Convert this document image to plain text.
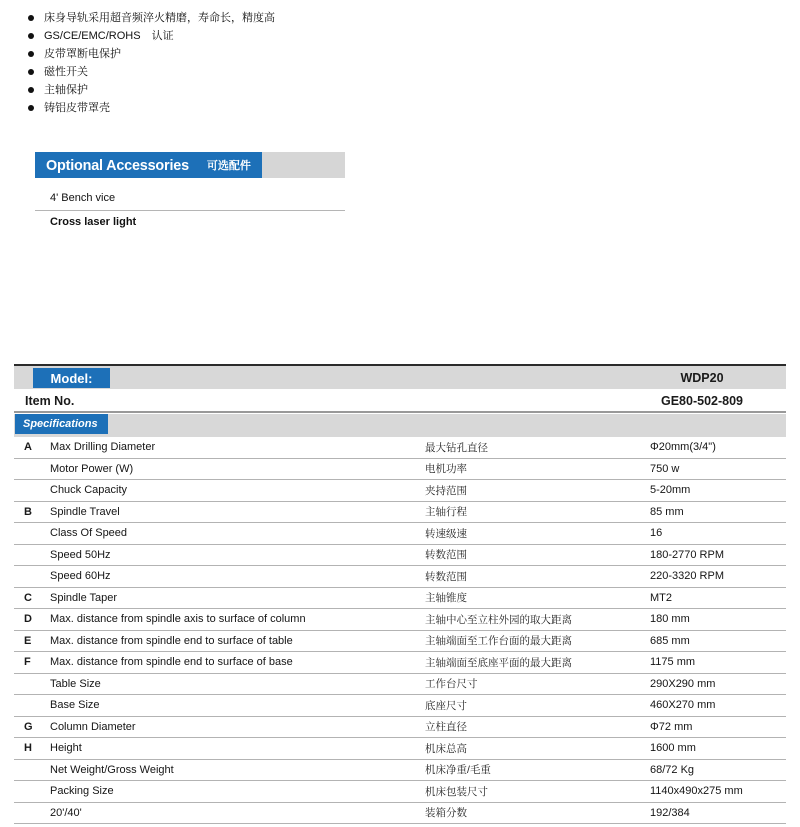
床身导轨采用超音频淬火精磨，寿命长，精度高
GS/CE/EMC/ROHS　认证
皮带罩断电保护
磁性开关
主轴保护
铸铝皮带罩壳
Optional Accessories 可选配件
4' Bench vice
Cross laser light
Model:	WDP20
Item No.	GE80-502-809
Specifications
A	Max Drilling Diameter	最大钻孔直径	Φ20mm(3/4")
Motor Power (W)	电机功率	750 w
Chuck Capacity	夹持范围	5-20mm
B	Spindle Travel	主轴行程	85 mm
Class Of Speed	转速级速	16
Speed 50Hz	转数范围	180-2770 RPM
Speed 60Hz	转数范围	220-3320 RPM
C	Spindle Taper	主轴锥度	MT2
D	Max. distance from spindle axis to surface of column	主轴中心至立柱外园的取大距离	180 mm
E	Max. distance from spindle end to surface of table	主轴端面至工作台面的最大距离	685 mm
F	Max. distance from spindle end to surface of base	主轴端面至底座平面的最大距离	1175 mm
Table Size	工作台尺寸	290X290 mm
Base Size	底座尺寸	460X270 mm
G	Column Diameter	立柱直径	Φ72 mm
H	Height	机床总高	1600 mm
Net Weight/Gross Weight	机床净重/毛重	68/72 Kg
Packing Size	机床包装尺寸	1140x490x275 mm
20'/40'	装箱分数	192/384
